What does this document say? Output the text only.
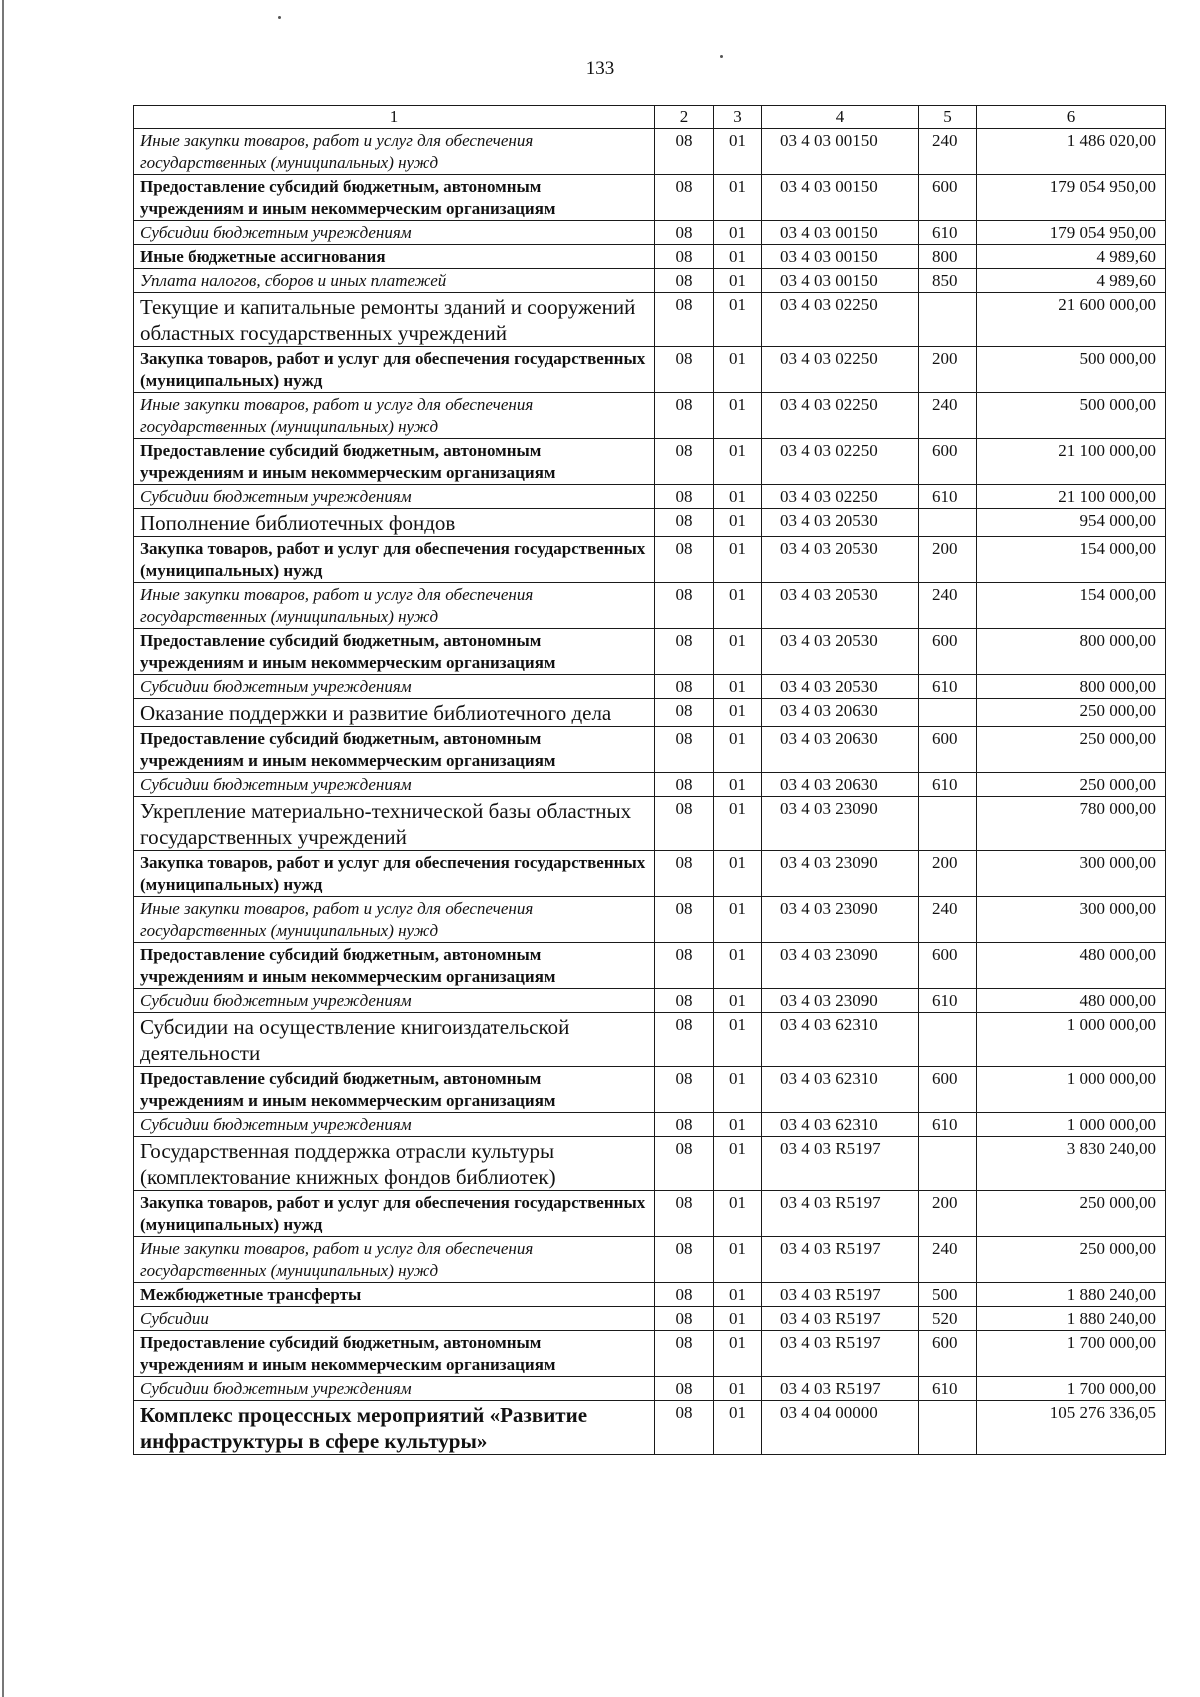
133
1	2	3	4	5	6
Иные закупки товаров, работ и услуг для обеспечения государственных (муниципальных) нужд	08	01	03 4 03 00150	240	1 486 020,00
Предоставление субсидий бюджетным, автономным учреждениям и иным некоммерческим организациям	08	01	03 4 03 00150	600	179 054 950,00
Субсидии бюджетным учреждениям	08	01	03 4 03 00150	610	179 054 950,00
Иные бюджетные ассигнования	08	01	03 4 03 00150	800	4 989,60
Уплата налогов, сборов и иных платежей	08	01	03 4 03 00150	850	4 989,60
Текущие и капитальные ремонты зданий и сооружений областных государственных учреждений	08	01	03 4 03 02250		21 600 000,00
Закупка товаров, работ и услуг для обеспечения государственных (муниципальных) нужд	08	01	03 4 03 02250	200	500 000,00
Иные закупки товаров, работ и услуг для обеспечения государственных (муниципальных) нужд	08	01	03 4 03 02250	240	500 000,00
Предоставление субсидий бюджетным, автономным учреждениям и иным некоммерческим организациям	08	01	03 4 03 02250	600	21 100 000,00
Субсидии бюджетным учреждениям	08	01	03 4 03 02250	610	21 100 000,00
Пополнение библиотечных фондов	08	01	03 4 03 20530		954 000,00
Закупка товаров, работ и услуг для обеспечения государственных (муниципальных) нужд	08	01	03 4 03 20530	200	154 000,00
Иные закупки товаров, работ и услуг для обеспечения государственных (муниципальных) нужд	08	01	03 4 03 20530	240	154 000,00
Предоставление субсидий бюджетным, автономным учреждениям и иным некоммерческим организациям	08	01	03 4 03 20530	600	800 000,00
Субсидии бюджетным учреждениям	08	01	03 4 03 20530	610	800 000,00
Оказание поддержки и развитие библиотечного дела	08	01	03 4 03 20630		250 000,00
Предоставление субсидий бюджетным, автономным учреждениям и иным некоммерческим организациям	08	01	03 4 03 20630	600	250 000,00
Субсидии бюджетным учреждениям	08	01	03 4 03 20630	610	250 000,00
Укрепление материально-технической базы областных государственных учреждений	08	01	03 4 03 23090		780 000,00
Закупка товаров, работ и услуг для обеспечения государственных (муниципальных) нужд	08	01	03 4 03 23090	200	300 000,00
Иные закупки товаров, работ и услуг для обеспечения государственных (муниципальных) нужд	08	01	03 4 03 23090	240	300 000,00
Предоставление субсидий бюджетным, автономным учреждениям и иным некоммерческим организациям	08	01	03 4 03 23090	600	480 000,00
Субсидии бюджетным учреждениям	08	01	03 4 03 23090	610	480 000,00
Субсидии на осуществление книгоиздательской деятельности	08	01	03 4 03 62310		1 000 000,00
Предоставление субсидий бюджетным, автономным учреждениям и иным некоммерческим организациям	08	01	03 4 03 62310	600	1 000 000,00
Субсидии бюджетным учреждениям	08	01	03 4 03 62310	610	1 000 000,00
Государственная поддержка отрасли культуры (комплектование книжных фондов библиотек)	08	01	03 4 03 R5197		3 830 240,00
Закупка товаров, работ и услуг для обеспечения государственных (муниципальных) нужд	08	01	03 4 03 R5197	200	250 000,00
Иные закупки товаров, работ и услуг для обеспечения государственных (муниципальных) нужд	08	01	03 4 03 R5197	240	250 000,00
Межбюджетные трансферты	08	01	03 4 03 R5197	500	1 880 240,00
Субсидии	08	01	03 4 03 R5197	520	1 880 240,00
Предоставление субсидий бюджетным, автономным учреждениям и иным некоммерческим организациям	08	01	03 4 03 R5197	600	1 700 000,00
Субсидии бюджетным учреждениям	08	01	03 4 03 R5197	610	1 700 000,00
Комплекс процессных мероприятий «Развитие инфраструктуры в сфере культуры»	08	01	03 4 04 00000		105 276 336,05
